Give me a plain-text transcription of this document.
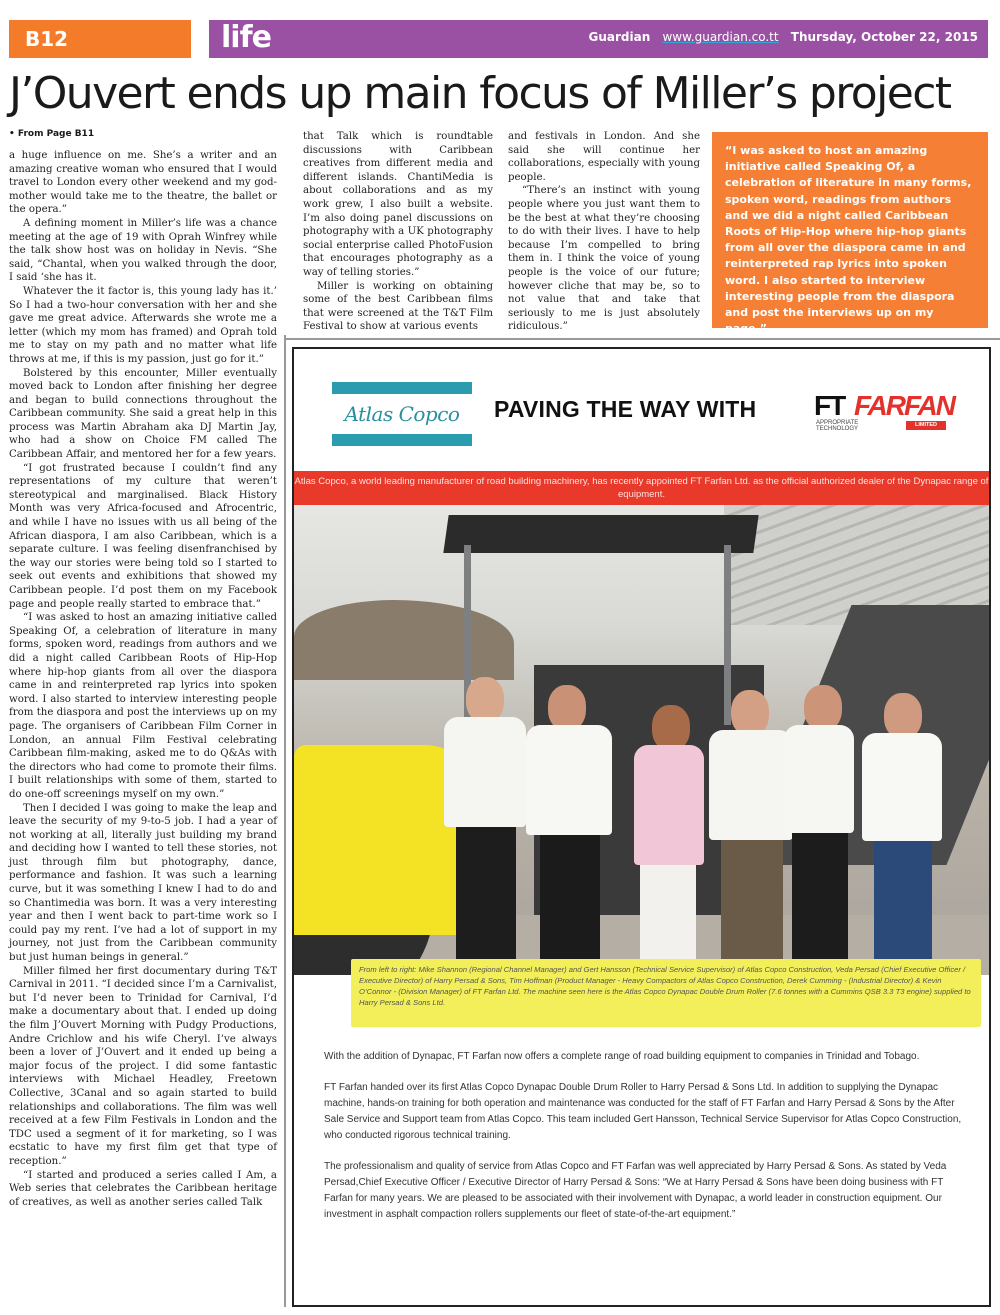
B12	life	Guardian www.guardian.co.tt Thursday, October 22, 2015
J’Ouvert ends up main focus of Miller’s project
• From Page B11

a huge influence on me. She’s a writer and an amazing creative woman who ensured that I would travel to London every other weekend and my god-mother would take me to the theatre, the ballet or the opera.”

A defining moment in Miller’s life was a chance meeting at the age of 19 with Oprah Winfrey while the talk show host was on holiday in Nevis. “She said, “Chantal, when you walked through the door, I said ‘she has it.

Whatever the it factor is, this young lady has it.’ So I had a two-hour conversation with her and she gave me great advice. Afterwards she wrote me a letter (which my mom has framed) and Oprah told me to stay on my path and no matter what life throws at me, if this is my passion, just go for it.”

Bolstered by this encounter, Miller eventually moved back to London after finishing her degree and began to build connections throughout the Caribbean community. She said a great help in this process was Martin Abraham aka DJ Martin Jay, who had a show on Choice FM called The Caribbean Affair, and mentored her for a few years.

“I got frustrated because I couldn’t find any representations of my culture that weren’t stereotypical and marginalised. Black History Month was very Africa-focused and Afrocentric, and while I have no issues with us all being of the African diaspora, I am also Caribbean, which is a separate culture. I was feeling disenfranchised by the way our stories were being told so I started to seek out events and exhibitions that showed my Caribbean people. I’d post them on my Facebook page and people really started to embrace that.”

“I was asked to host an amazing initiative called Speaking Of, a celebration of literature in many forms, spoken word, readings from authors and we did a night called Caribbean Roots of Hip-Hop where hip-hop giants from all over the diaspora came in and reinterpreted rap lyrics into spoken word. I also started to interview interesting people from the diaspora and post the interviews up on my page. The organisers of Caribbean Film Corner in London, an annual Film Festival celebrating Caribbean film-making, asked me to do Q&As with the directors who had come to promote their films. I built relationships with some of them, started to do one-off screenings myself on my own.”

Then I decided I was going to make the leap and leave the security of my 9-to-5 job. I had a year of not working at all, literally just building my brand and deciding how I wanted to tell these stories, not just through film but photography, dance, performance and fashion. It was such a learning curve, but it was something I knew I had to do and so Chantimedia was born. It was a very interesting year and then I went back to part-time work so I could pay my rent. I’ve had a lot of support in my journey, not just from the Caribbean community but just human beings in general.”

Miller filmed her first documentary during T&T Carnival in 2011. “I decided since I’m a Carnivalist, but I’d never been to Trinidad for Carnival, I’d make a documentary about that. I ended up doing the film J’Ouvert Morning with Pudgy Productions, Andre Crichlow and his wife Cheryl. I’ve always been a lover of J’Ouvert and it ended up being a major focus of the project. I did some fantastic interviews with Michael Headley, Freetown Collective, 3Canal and so again started to build relationships and collaborations. The film was well received at a few Film Festivals in London and the TDC used a segment of it for marketing, so I was ecstatic to have my first film get that type of reception.”

“I started and produced a series called I Am, a Web series that celebrates the Caribbean heritage of creatives, as well as another series called Talk

that Talk which is roundtable discussions with Caribbean creatives from different media and different islands. ChantiMedia is about collaborations and as my work grew, I also built a website. I’m also doing panel discussions on photography with a UK photography social enterprise called PhotoFusion that encourages photography as a way of telling stories.”

Miller is working on obtaining some of the best Caribbean films that were screened at the T&T Film Festival to show at various events

and festivals in London. And she said she will continue her collaborations, especially with young people.

“There’s an instinct with young people where you just want them to be the best at what they’re choosing to do with their lives. I have to help because I’m compelled to bring them in. I think the voice of young people is the voice of our future; however cliche that may be, so to not value that and take that seriously to me is just absolutely ridiculous.”

“I was asked to host an amazing initiative called Speaking Of, a celebration of literature in many forms, spoken word, readings from authors and we did a night called Caribbean Roots of Hip-Hop where hip-hop giants from all over the diaspora came in and reinterpreted rap lyrics into spoken word. I also started to interview interesting people from the diaspora and post the interviews up on my page.”
Atlas Copco	PAVING THE WAY WITH FT FARFAN
APPROPRIATE
TECHNOLOGY
LIMITED
Atlas Copco, a world leading manufacturer of road building machinery, has recently appointed FT Farfan Ltd. as the official authorized dealer of the Dynapac range of equipment.
From left to right: Mike Shannon (Regional Channel Manager) and Gert Hansson (Technical Service Supervisor) of Atlas Copco Construction, Veda Persad (Chief Executive Officer / Executive Director) of Harry Persad & Sons, Tim Hoffman (Product Manager - Heavy Compactors of Atlas Copco Construction, Derek Cumming - (Industrial Director) & Kevin O’Connor - (Division Manager) of FT Farfan Ltd. The machine seen here is the Atlas Copco Dynapac Double Drum Roller (7.6 tonnes with a Cummins QSB 3.3 T3 engine) supplied to Harry Persad & Sons Ltd.

With the addition of Dynapac, FT Farfan now offers a complete range of road building equipment to companies in Trinidad and Tobago.

FT Farfan handed over its first Atlas Copco Dynapac Double Drum Roller to Harry Persad & Sons Ltd. In addition to supplying the Dynapac machine, hands-on training for both operation and maintenance was conducted for the staff of FT Farfan and Harry Persad & Sons by the After Sale Service and Support team from Atlas Copco. This team included Gert Hansson, Technical Service Supervisor for Atlas Copco Construction, who conducted rigorous technical training.

The professionalism and quality of service from Atlas Copco and FT Farfan was well appreciated by Harry Persad & Sons. As stated by Veda Persad,Chief Executive Officer / Executive Director of Harry Persad & Sons: “We at Harry Persad & Sons have been doing business with FT Farfan for many years. We are pleased to be associated with their involvement with Dynapac, a world leader in construction equipment. Our investment in asphalt compaction rollers supplements our fleet of state-of-the-art equipment.”
